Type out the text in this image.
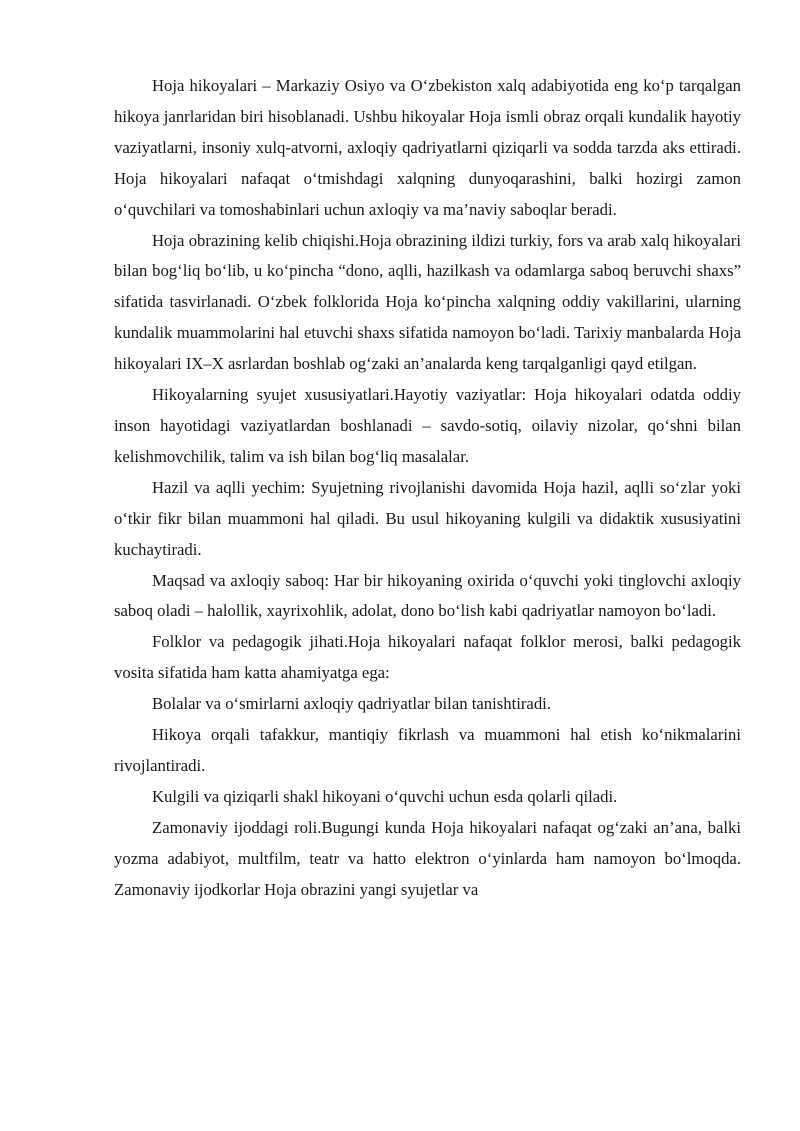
Hoja hikoyalari – Markaziy Osiyo va O‘zbekiston xalq adabiyotida eng ko‘p tarqalgan hikoya janrlaridan biri hisoblanadi. Ushbu hikoyalar Hoja ismli obraz orqali kundalik hayotiy vaziyatlarni, insoniy xulq-atvorni, axloqiy qadriyatlarni qiziqarli va sodda tarzda aks ettiradi. Hoja hikoyalari nafaqat o‘tmishdagi xalqning dunyoqarashini, balki hozirgi zamon o‘quvchilari va tomoshabinlari uchun axloqiy va ma’naviy saboqlar beradi.

Hoja obrazining kelib chiqishi.Hoja obrazining ildizi turkiy, fors va arab xalq hikoyalari bilan bog‘liq bo‘lib, u ko‘pincha “dono, aqlli, hazilkash va odamlarga saboq beruvchi shaxs” sifatida tasvirlanadi. O‘zbek folklorida Hoja ko‘pincha xalqning oddiy vakillarini, ularning kundalik muammolarini hal etuvchi shaxs sifatida namoyon bo‘ladi. Tarixiy manbalarda Hoja hikoyalari IX–X asrlardan boshlab og‘zaki an’analarda keng tarqalganligi qayd etilgan.

Hikoyalarning syujet xususiyatlari.Hayotiy vaziyatlar: Hoja hikoyalari odatda oddiy inson hayotidagi vaziyatlardan boshlanadi – savdo-sotiq, oilaviy nizolar, qo‘shni bilan kelishmovchilik, talim va ish bilan bog‘liq masalalar.

Hazil va aqlli yechim: Syujetning rivojlanishi davomida Hoja hazil, aqlli so‘zlar yoki o‘tkir fikr bilan muammoni hal qiladi. Bu usul hikoyaning kulgili va didaktik xususiyatini kuchaytiradi.

Maqsad va axloqiy saboq: Har bir hikoyaning oxirida o‘quvchi yoki tinglovchi axloqiy saboq oladi – halollik, xayrixohlik, adolat, dono bo‘lish kabi qadriyatlar namoyon bo‘ladi.

Folklor va pedagogik jihati.Hoja hikoyalari nafaqat folklor merosi, balki pedagogik vosita sifatida ham katta ahamiyatga ega:

Bolalar va o‘smirlarni axloqiy qadriyatlar bilan tanishtiradi.

Hikoya orqali tafakkur, mantiqiy fikrlash va muammoni hal etish ko‘nikmalarini rivojlantiradi.

Kulgili va qiziqarli shakl hikoyani o‘quvchi uchun esda qolarli qiladi.

Zamonaviy ijoddagi roli.Bugungi kunda Hoja hikoyalari nafaqat og‘zaki an’ana, balki yozma adabiyot, multfilm, teatr va hatto elektron o‘yinlarda ham namoyon bo‘lmoqda. Zamonaviy ijodkorlar Hoja obrazini yangi syujetlar va
